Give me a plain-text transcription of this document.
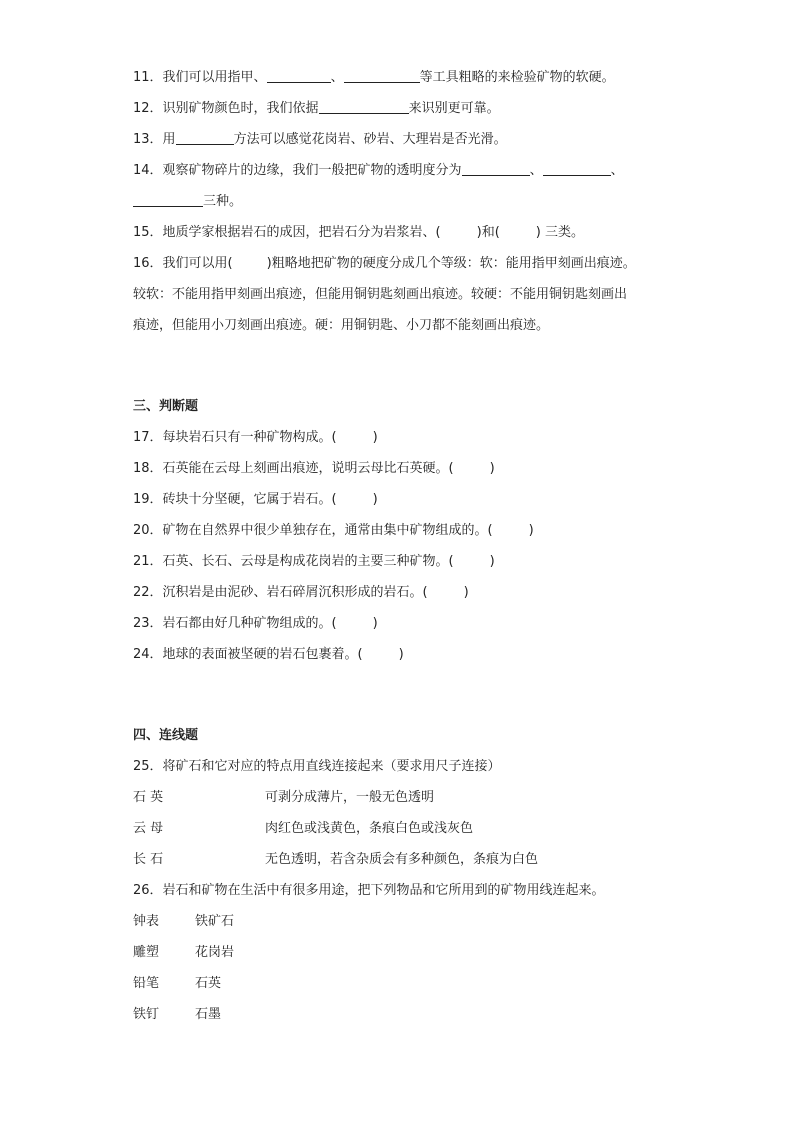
11．我们可以用指甲、	、	等工具粗略的来检验矿物的软硬。
12．识别矿物颜色时，我们依据	来识别更可靠。
13．用	方法可以感觉花岗岩、砂岩、大理岩是否光滑。
14．观察矿物碎片的边缘，我们一般把矿物的透明度分为	、	、
三种。
15．地质学家根据岩石的成因，把岩石分为岩浆岩、(	)和(	) 三类。
16．我们可以用(	)粗略地把矿物的硬度分成几个等级：软：能用指甲刻画出痕迹。
较软：不能用指甲刻画出痕迹，但能用铜钥匙刻画出痕迹。较硬：不能用铜钥匙刻画出
痕迹，但能用小刀刻画出痕迹。硬：用铜钥匙、小刀都不能刻画出痕迹。
三、判断题
17．每块岩石只有一种矿物构成。(	)
18．石英能在云母上刻画出痕迹，说明云母比石英硬。(	)
19．砖块十分坚硬，它属于岩石。(	)
20．矿物在自然界中很少单独存在，通常由集中矿物组成的。(	)
21．石英、长石、云母是构成花岗岩的主要三种矿物。(	)
22．沉积岩是由泥砂、岩石碎屑沉积形成的岩石。(	)
23．岩石都由好几种矿物组成的。(	)
24．地球的表面被坚硬的岩石包裹着。(	)
四、连线题
25．将矿石和它对应的特点用直线连接起来（要求用尺子连接）
石 英	可剥分成薄片，一般无色透明
云 母	肉红色或浅黄色，条痕白色或浅灰色
长 石	无色透明，若含杂质会有多种颜色，条痕为白色
26．岩石和矿物在生活中有很多用途，把下列物品和它所用到的矿物用线连起来。
钟表	铁矿石
雕塑	花岗岩
铅笔	石英
铁钉	石墨
